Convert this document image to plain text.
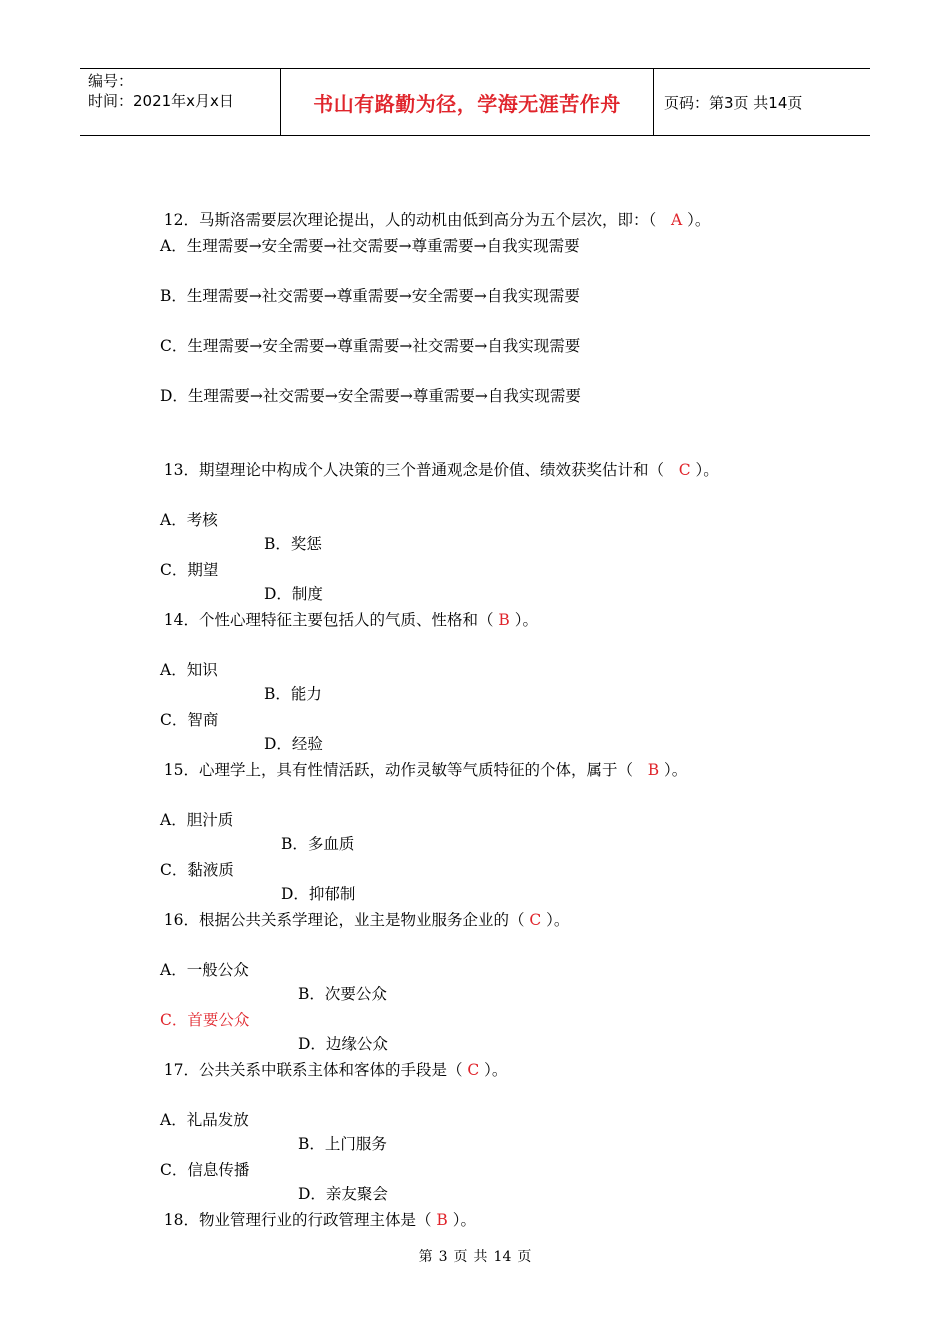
编号：
时间：2021年x月x日	书山有路勤为径，学海无涯苦作舟	页码：第3页 共14页

12．马斯洛需要层次理论提出，人的动机由低到高分为五个层次，即：（   A ）。

A．生理需要→安全需要→社交需要→尊重需要→自我实现需要
B．生理需要→社交需要→尊重需要→安全需要→自我实现需要
C．生理需要→安全需要→尊重需要→社交需要→自我实现需要
D．生理需要→社交需要→安全需要→尊重需要→自我实现需要

13．期望理论中构成个人决策的三个普通观念是价值、绩效获奖估计和（   C ）。

A．考核

B．奖惩

C．期望

D．制度

14．个性心理特征主要包括人的气质、性格和（ B ）。

A．知识

B．能力

C．智商

D．经验

15．心理学上，具有性情活跃，动作灵敏等气质特征的个体，属于（   B ）。

A．胆汁质

B．多血质

C．黏液质

D．抑郁制

16．根据公共关系学理论，业主是物业服务企业的（ C ）。

A．一般公众

B．次要公众

C．首要公众

D．边缘公众

17．公共关系中联系主体和客体的手段是（ C ）。

A．礼品发放

B．上门服务

C．信息传播

D．亲友聚会

18．物业管理行业的行政管理主体是（ B ）。

第 3 页 共 14 页
